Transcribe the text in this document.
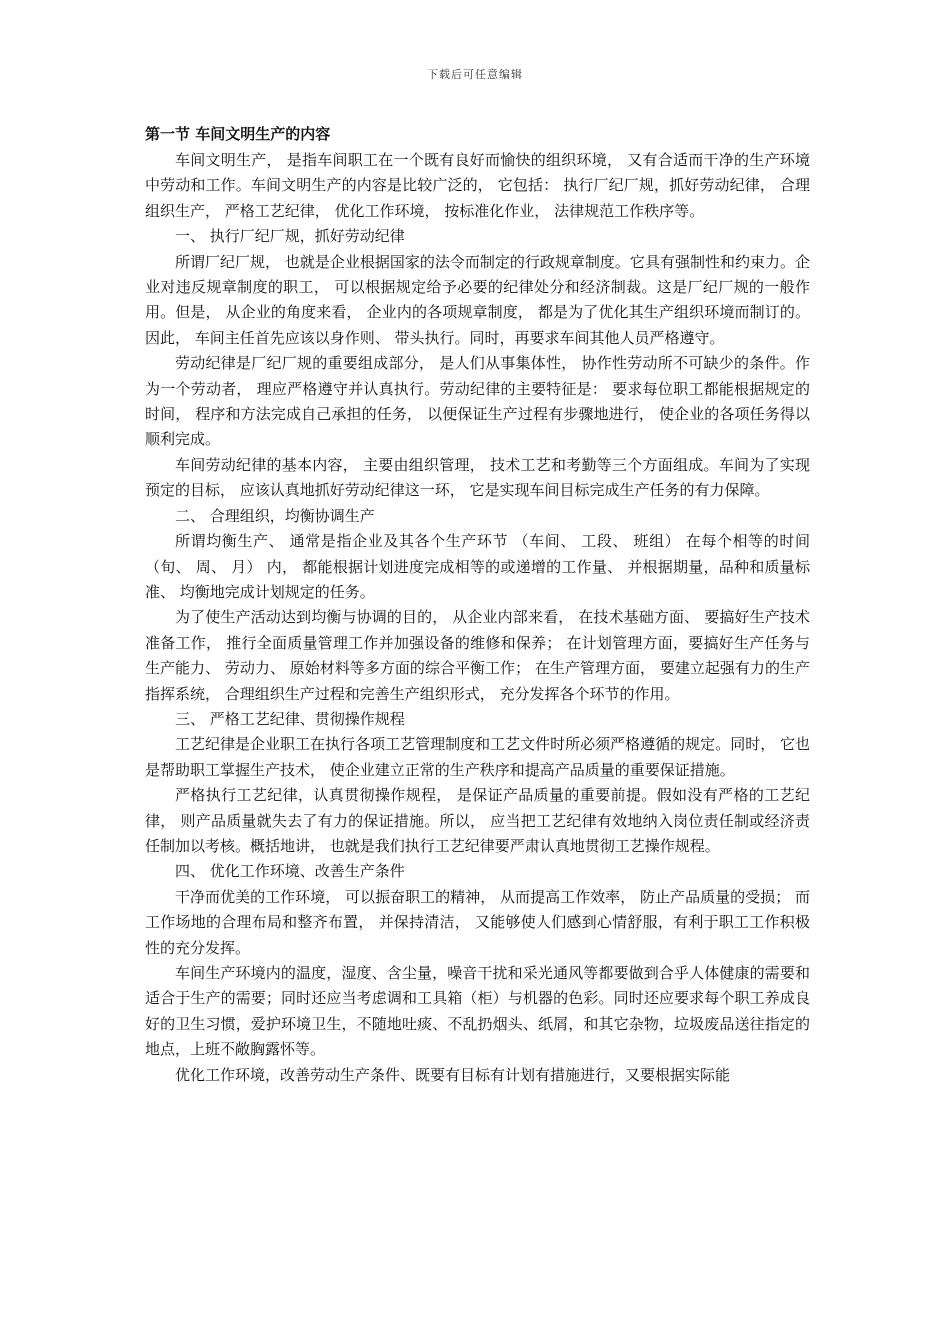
下载后可任意编辑

第一节 车间文明生产的内容

车间文明生产， 是指车间职工在一个既有良好而愉快的组织环境， 又有合适而干净的生产环境中劳动和工作。车间文明生产的内容是比较广泛的， 它包括： 执行厂纪厂规，抓好劳动纪律， 合理组织生产， 严格工艺纪律， 优化工作环境， 按标准化作业， 法律规范工作秩序等。

一、 执行厂纪厂规，抓好劳动纪律

所谓厂纪厂规， 也就是企业根据国家的法令而制定的行政规章制度。它具有强制性和约束力。企业对违反规章制度的职工， 可以根据规定给予必要的纪律处分和经济制裁。这是厂纪厂规的一般作用。但是， 从企业的角度来看， 企业内的各项规章制度， 都是为了优化其生产组织环境而制订的。因此， 车间主任首先应该以身作则、 带头执行。同时，再要求车间其他人员严格遵守。

劳动纪律是厂纪厂规的重要组成部分， 是人们从事集体性， 协作性劳动所不可缺少的条件。作为一个劳动者， 理应严格遵守并认真执行。劳动纪律的主要特征是： 要求每位职工都能根据规定的时间， 程序和方法完成自己承担的任务， 以便保证生产过程有步骤地进行， 使企业的各项任务得以顺利完成。

车间劳动纪律的基本内容， 主要由组织管理， 技术工艺和考勤等三个方面组成。车间为了实现预定的目标， 应该认真地抓好劳动纪律这一环， 它是实现车间目标完成生产任务的有力保障。

二、 合理组织，均衡协调生产

所谓均衡生产、 通常是指企业及其各个生产环节 （车间、 工段、 班组） 在每个相等的时间（旬、 周、 月） 内， 都能根据计划进度完成相等的或递增的工作量、 并根据期量，品种和质量标准、 均衡地完成计划规定的任务。

为了使生产活动达到均衡与协调的目的， 从企业内部来看， 在技术基础方面、 要搞好生产技术准备工作， 推行全面质量管理工作并加强设备的维修和保养； 在计划管理方面，要搞好生产任务与生产能力、 劳动力、 原始材料等多方面的综合平衡工作； 在生产管理方面， 要建立起强有力的生产指挥系统， 合理组织生产过程和完善生产组织形式， 充分发挥各个环节的作用。

三、 严格工艺纪律、贯彻操作规程

工艺纪律是企业职工在执行各项工艺管理制度和工艺文件时所必须严格遵循的规定。同时， 它也是帮助职工掌握生产技术， 使企业建立正常的生产秩序和提高产品质量的重要保证措施。

严格执行工艺纪律，认真贯彻操作规程， 是保证产品质量的重要前提。假如没有严格的工艺纪律， 则产品质量就失去了有力的保证措施。所以， 应当把工艺纪律有效地纳入岗位责任制或经济责任制加以考核。概括地讲， 也就是我们执行工艺纪律要严肃认真地贯彻工艺操作规程。

四、 优化工作环境、改善生产条件

干净而优美的工作环境， 可以振奋职工的精神， 从而提高工作效率， 防止产品质量的受损； 而工作场地的合理布局和整齐布置， 并保持清洁， 又能够使人们感到心情舒服，有利于职工工作积极性的充分发挥。

车间生产环境内的温度，湿度、含尘量，噪音干扰和采光通风等都要做到合乎人体健康的需要和适合于生产的需要；同时还应当考虑调和工具箱（柜）与机器的色彩。同时还应要求每个职工养成良好的卫生习惯，爱护环境卫生，不随地吐痰、不乱扔烟头、纸屑，和其它杂物，垃圾废品送往指定的地点，上班不敞胸露怀等。

优化工作环境，改善劳动生产条件、既要有目标有计划有措施进行，又要根据实际能
